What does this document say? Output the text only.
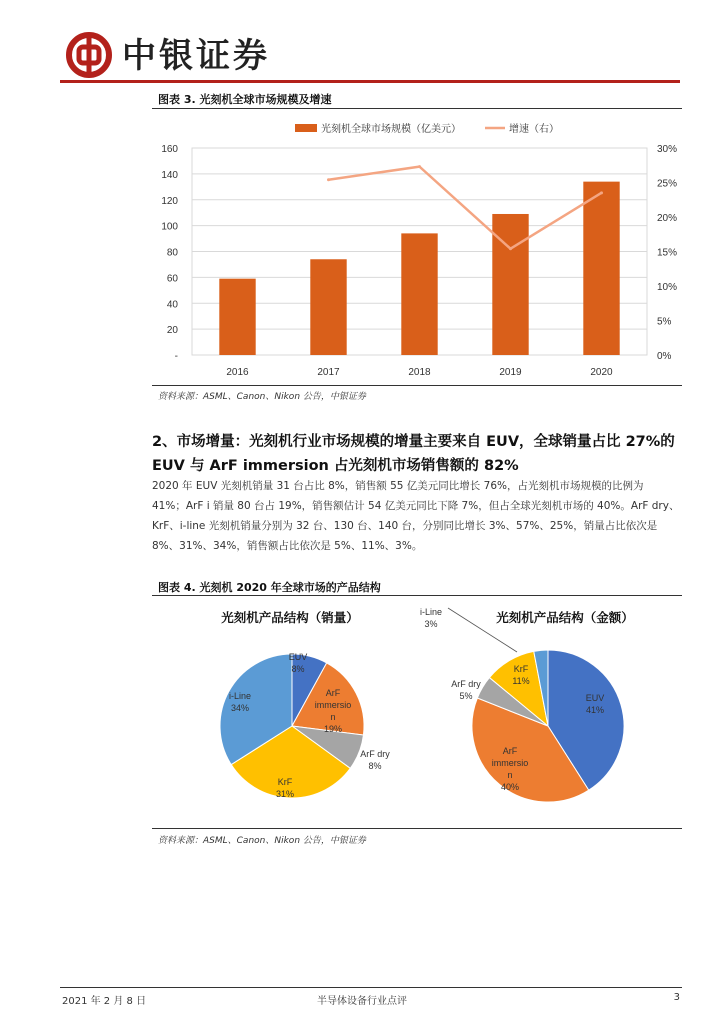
中银证券
图表 3. 光刻机全球市场规模及增速
-
20
40
60
80
100
120
140
160
0%
5%
10%
15%
20%
25%
30%
2016	2017	2018	2019	2020
光刻机全球市场规模（亿美元）	增速（右）
资料来源：ASML、Canon、Nikon 公告，中银证券
2、市场增量：光刻机行业市场规模的增量主要来自 EUV，全球销量占比 27%的
EUV 与 ArF immersion 占光刻机市场销售额的 82%
2020 年 EUV 光刻机销量 31 台占比 8%，销售额 55 亿美元同比增长 76%，占光刻机市场规模的比例为
41%；ArF i 销量 80 台占 19%，销售额估计 54 亿美元同比下降 7%，但占全球光刻机市场的 40%。ArF dry、
KrF、i-line 光刻机销量分别为 32 台、130 台、140 台，分别同比增长 3%、57%、25%，销量占比依次是
8%、31%、34%，销售额占比依次是 5%、11%、3%。
图表 4. 光刻机 2020 年全球市场的产品结构
光刻机产品结构（销量）
EUV 8%
ArF immersio n 19%
ArF dry 8%
KrF 31%
i-Line 34%
光刻机产品结构（金额）
EUV 41%
ArF immersio n 40%
ArF dry 5%
KrF 11%
i-Line 3%
资料来源：ASML、Canon、Nikon 公告，中银证券
2021 年 2 月 8 日	半导体设备行业点评	3
